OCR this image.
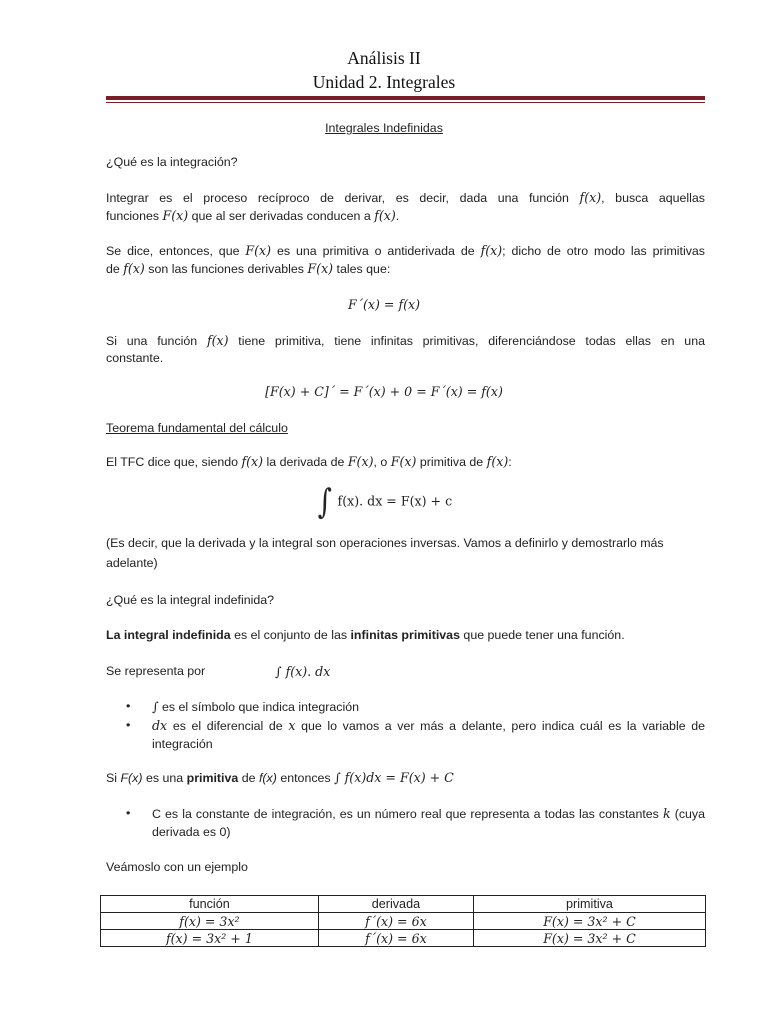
Análisis II
Unidad 2. Integrales
Integrales Indefinidas
¿Qué es la integración?
Integrar es el proceso recíproco de derivar, es decir, dada una función f(x), busca aquellas
funciones F(x) que al ser derivadas conducen a f(x).
Se dice, entonces, que F(x) es una primitiva o antiderivada de f(x); dicho de otro modo las primitivas
de f(x) son las funciones derivables F(x) tales que:
F´(x) = f(x)
Si una función f(x) tiene primitiva, tiene infinitas primitivas, diferenciándose todas ellas en una
constante.
[F(x) + C]´ = F´(x) + 0 = F´(x) = f(x)
Teorema fundamental del cálculo
El TFC dice que, siendo f(x) la derivada de F(x), o F(x) primitiva de f(x):
∫ f(x). dx = F(x) + c
(Es decir, que la derivada y la integral son operaciones inversas. Vamos a definirlo y demostrarlo más adelante)
¿Qué es la integral indefinida?
La integral indefinida es el conjunto de las infinitas primitivas que puede tener una función.
Se representa por	∫ f(x). dx
• ∫ es el símbolo que indica integración
• dx es el diferencial de x que lo vamos a ver más a delante, pero indica cuál es la variable de
integración
Si F(x) es una primitiva de f(x) entonces ∫ f(x)dx = F(x) + C
• C es la constante de integración, es un número real que representa a todas las constantes k (cuya
derivada es 0)
Veámoslo con un ejemplo
función	derivada	primitiva
f(x) = 3x²	f´(x) = 6x	F(x) = 3x² + C
f(x) = 3x² + 1	f´(x) = 6x	F(x) = 3x² + C
